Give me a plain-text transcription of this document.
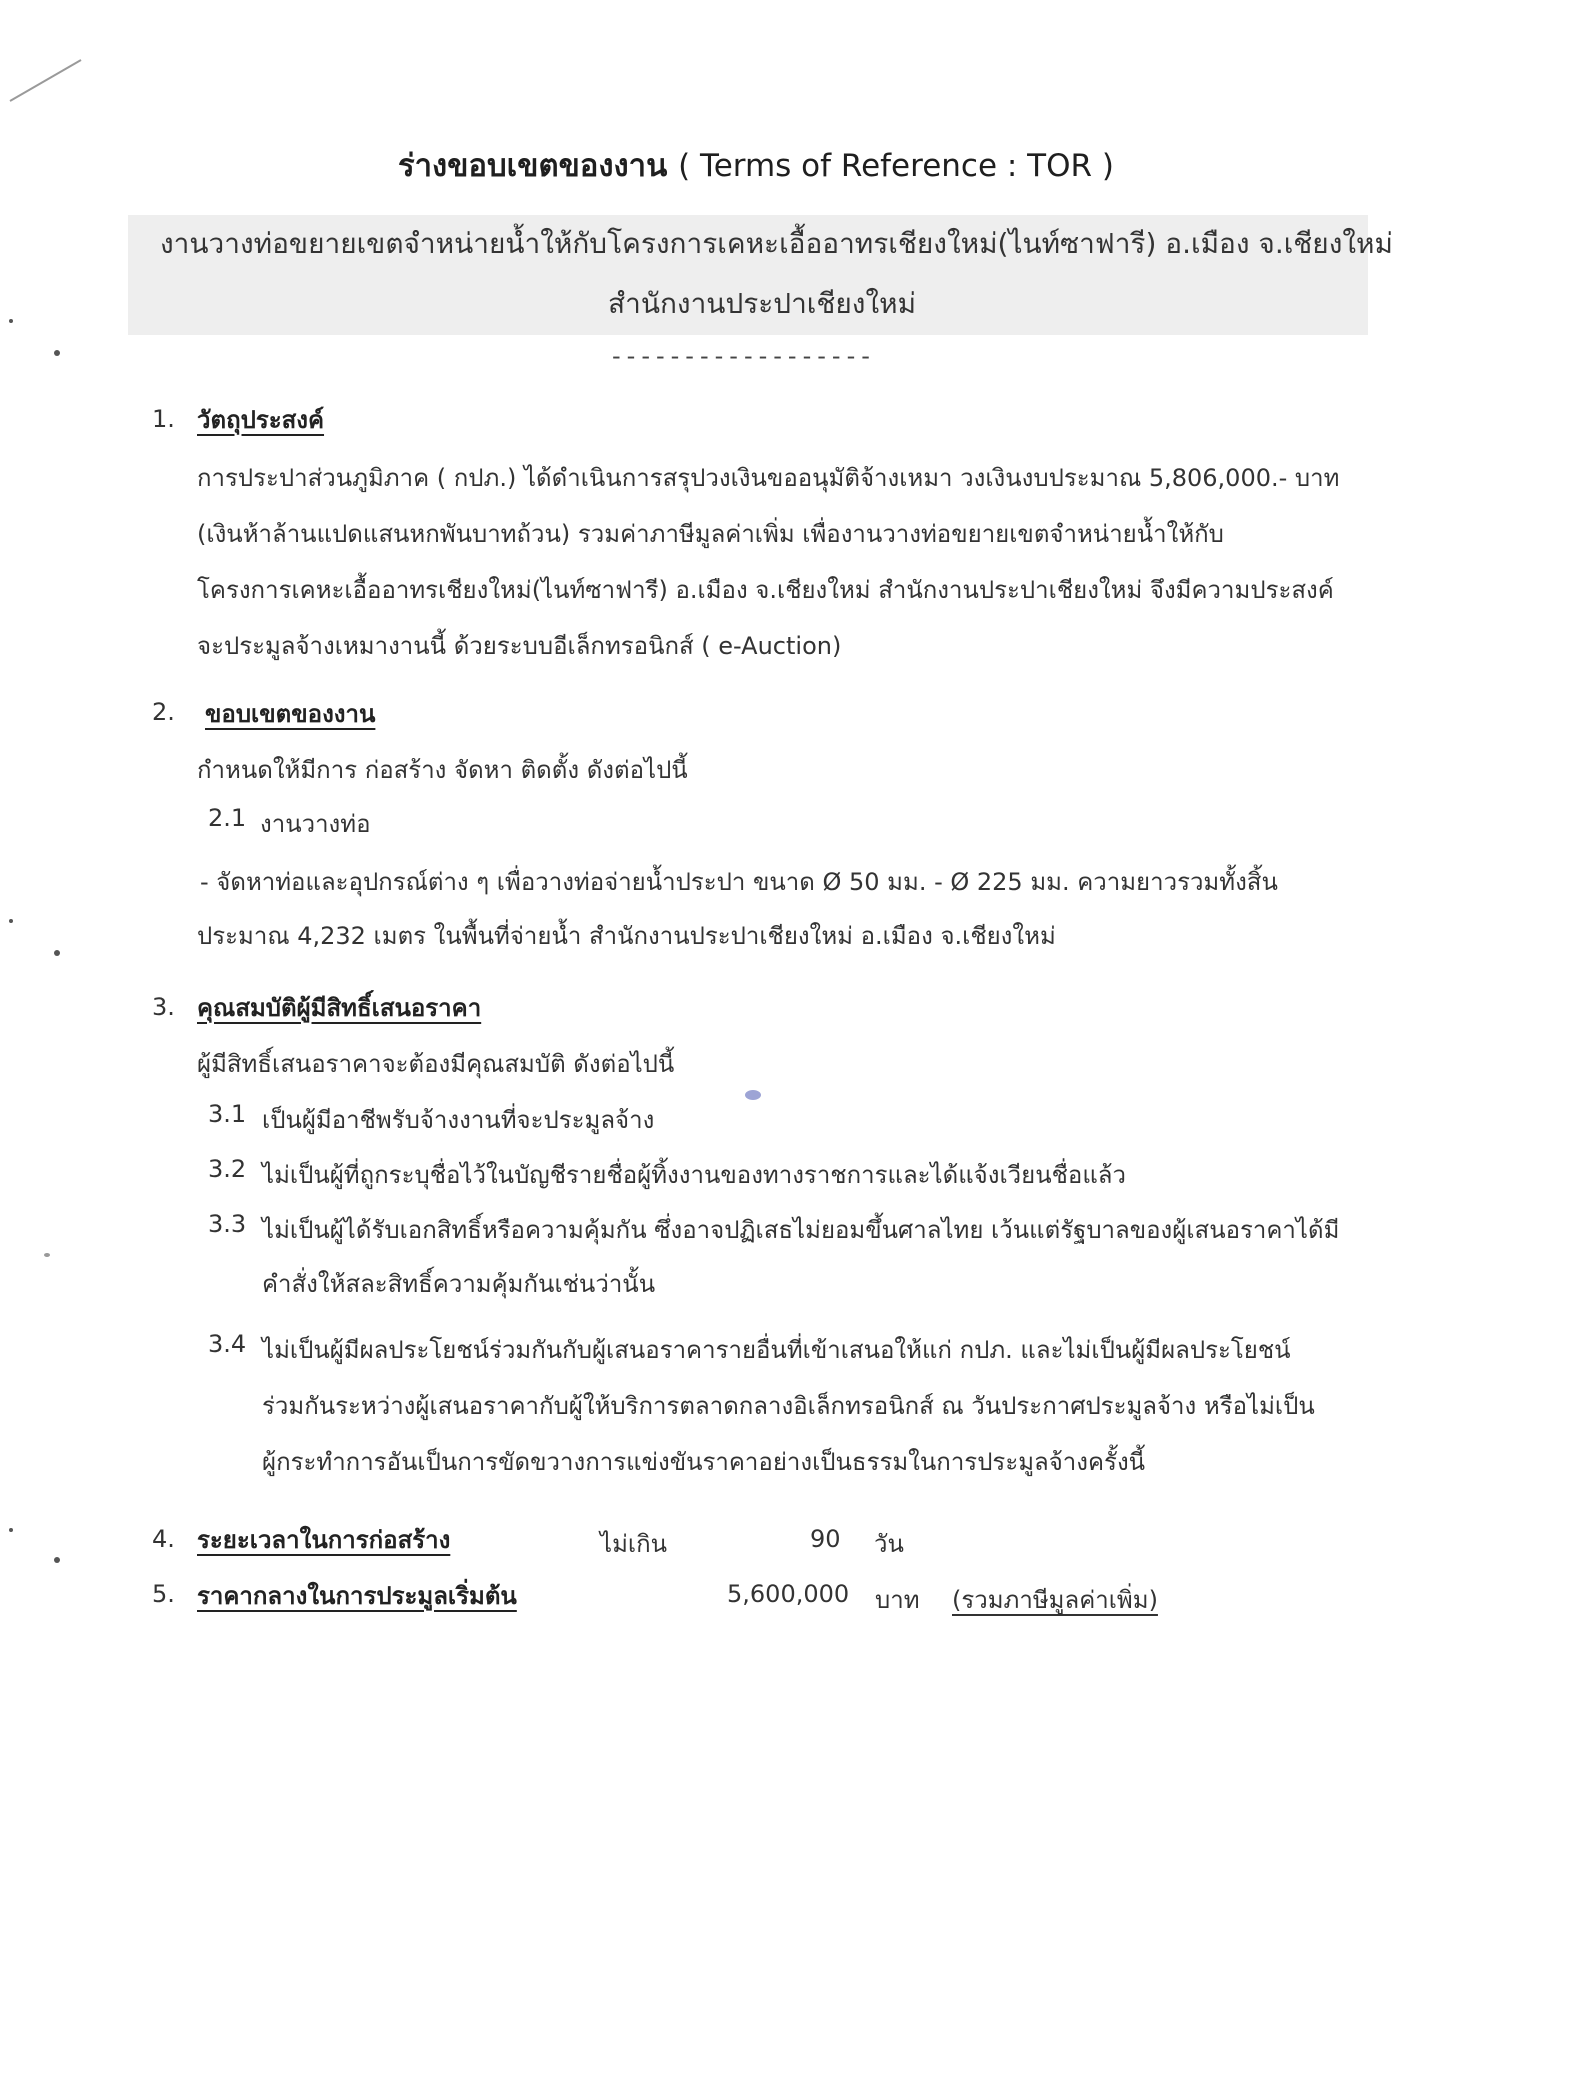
ร่างขอบเขตของงาน ( Terms of Reference : TOR )
งานวางท่อขยายเขตจำหน่ายน้ำให้กับโครงการเคหะเอื้ออาทรเชียงใหม่(ไนท์ซาฟารี) อ.เมือง จ.เชียงใหม่
สำนักงานประปาเชียงใหม่
------------------
1. วัตถุประสงค์
การประปาส่วนภูมิภาค ( กปภ.) ได้ดำเนินการสรุปวงเงินขออนุมัติจ้างเหมา วงเงินงบประมาณ 5,806,000.- บาท
(เงินห้าล้านแปดแสนหกพันบาทถ้วน) รวมค่าภาษีมูลค่าเพิ่ม เพื่องานวางท่อขยายเขตจำหน่ายน้ำให้กับ
โครงการเคหะเอื้ออาทรเชียงใหม่(ไนท์ซาฟารี) อ.เมือง จ.เชียงใหม่ สำนักงานประปาเชียงใหม่ จึงมีความประสงค์
จะประมูลจ้างเหมางานนี้ ด้วยระบบอีเล็กทรอนิกส์ ( e-Auction)
2. ขอบเขตของงาน
กำหนดให้มีการ ก่อสร้าง จัดหา ติดตั้ง ดังต่อไปนี้
2.1 งานวางท่อ
- จัดหาท่อและอุปกรณ์ต่าง ๆ เพื่อวางท่อจ่ายน้ำประปา ขนาด Ø 50 มม. - Ø 225 มม. ความยาวรวมทั้งสิ้น
ประมาณ 4,232 เมตร ในพื้นที่จ่ายน้ำ สำนักงานประปาเชียงใหม่ อ.เมือง จ.เชียงใหม่
3. คุณสมบัติผู้มีสิทธิ์เสนอราคา
ผู้มีสิทธิ์เสนอราคาจะต้องมีคุณสมบัติ ดังต่อไปนี้
3.1 เป็นผู้มีอาชีพรับจ้างงานที่จะประมูลจ้าง
3.2 ไม่เป็นผู้ที่ถูกระบุชื่อไว้ในบัญชีรายชื่อผู้ทิ้งงานของทางราชการและได้แจ้งเวียนชื่อแล้ว
3.3 ไม่เป็นผู้ได้รับเอกสิทธิ์หรือความคุ้มกัน ซึ่งอาจปฏิเสธไม่ยอมขึ้นศาลไทย เว้นแต่รัฐบาลของผู้เสนอราคาได้มี
คำสั่งให้สละสิทธิ์ความคุ้มกันเช่นว่านั้น
3.4 ไม่เป็นผู้มีผลประโยชน์ร่วมกันกับผู้เสนอราคารายอื่นที่เข้าเสนอให้แก่ กปภ. และไม่เป็นผู้มีผลประโยชน์
ร่วมกันระหว่างผู้เสนอราคากับผู้ให้บริการตลาดกลางอิเล็กทรอนิกส์ ณ วันประกาศประมูลจ้าง หรือไม่เป็น
ผู้กระทำการอันเป็นการขัดขวางการแข่งขันราคาอย่างเป็นธรรมในการประมูลจ้างครั้งนี้
4. ระยะเวลาในการก่อสร้าง	ไม่เกิน	90 วัน
5. ราคากลางในการประมูลเริ่มต้น	5,600,000 บาท (รวมภาษีมูลค่าเพิ่ม)
